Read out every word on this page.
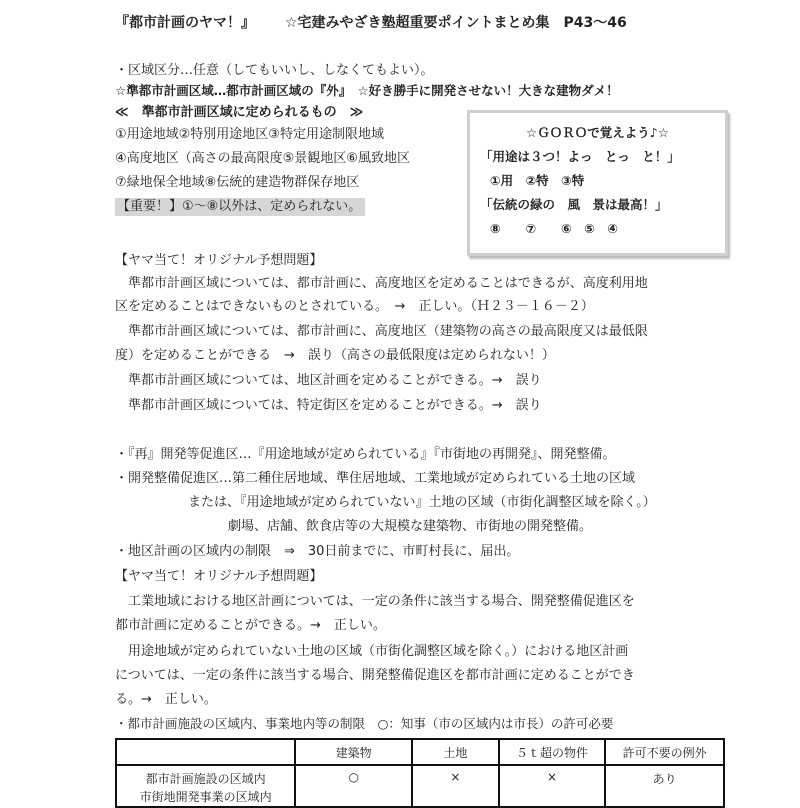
『都市計画のヤマ！』 ☆宅建みやざき塾超重要ポイントまとめ集　P43～46
・区域区分…任意（してもいいし、しなくてもよい）。
☆準都市計画区域…都市計画区域の『外』　☆好き勝手に開発させない！大きな建物ダメ！
≪　準都市計画区域に定められるもの　≫
①用途地域②特別用途地区③特定用途制限地域
④高度地区（高さの最高限度⑤景観地区⑥風致地区
⑦緑地保全地域⑧伝統的建造物群保存地区
【重要！】①～⑧以外は、定められない。
☆ＧＯＲＯで覚えよう♪☆
「用途は３つ！よっ　とっ　と！」
①用　②特　③特
「伝統の緑の　風　景は最高！」
⑧　　⑦　　⑥　⑤　④
【ヤマ当て！オリジナル予想問題】
　準都市計画区域については、都市計画に、高度地区を定めることはできるが、高度利用地
区を定めることはできないものとされている。　→　正しい。（Ｈ２３－１６－２）
　準都市計画区域については、都市計画に、高度地区（建築物の高さの最高限度又は最低限
度）を定めることができる　→　誤り（高さの最低限度は定められない！）
　準都市計画区域については、地区計画を定めることができる。→　誤り
　準都市計画区域については、特定街区を定めることができる。→　誤り
・『再』開発等促進区…『用途地域が定められている』『市街地の再開発』、開発整備。
・開発整備促進区…第二種住居地域、準住居地域、工業地域が定められている土地の区域
または、『用途地域が定められていない』土地の区域（市街化調整区域を除く。）
劇場、店舗、飲食店等の大規模な建築物、市街地の開発整備。
・地区計画の区域内の制限　⇒　30日前までに、市町村長に、届出。
【ヤマ当て！オリジナル予想問題】
　工業地域における地区計画については、一定の条件に該当する場合、開発整備促進区を
都市計画に定めることができる。→　正しい。
　用途地域が定められていない土地の区域（市街化調整区域を除く。）における地区計画
については、一定の条件に該当する場合、開発整備促進区を都市計画に定めることができ
る。→　正しい。
・都市計画施設の区域内、事業地内等の制限　○：知事（市の区域内は市長）の許可必要
	建築物	土地	５ｔ超の物件	許可不要の例外

都市計画施設の区域内
市街地開発事業の区域内	○	×	×	あり
